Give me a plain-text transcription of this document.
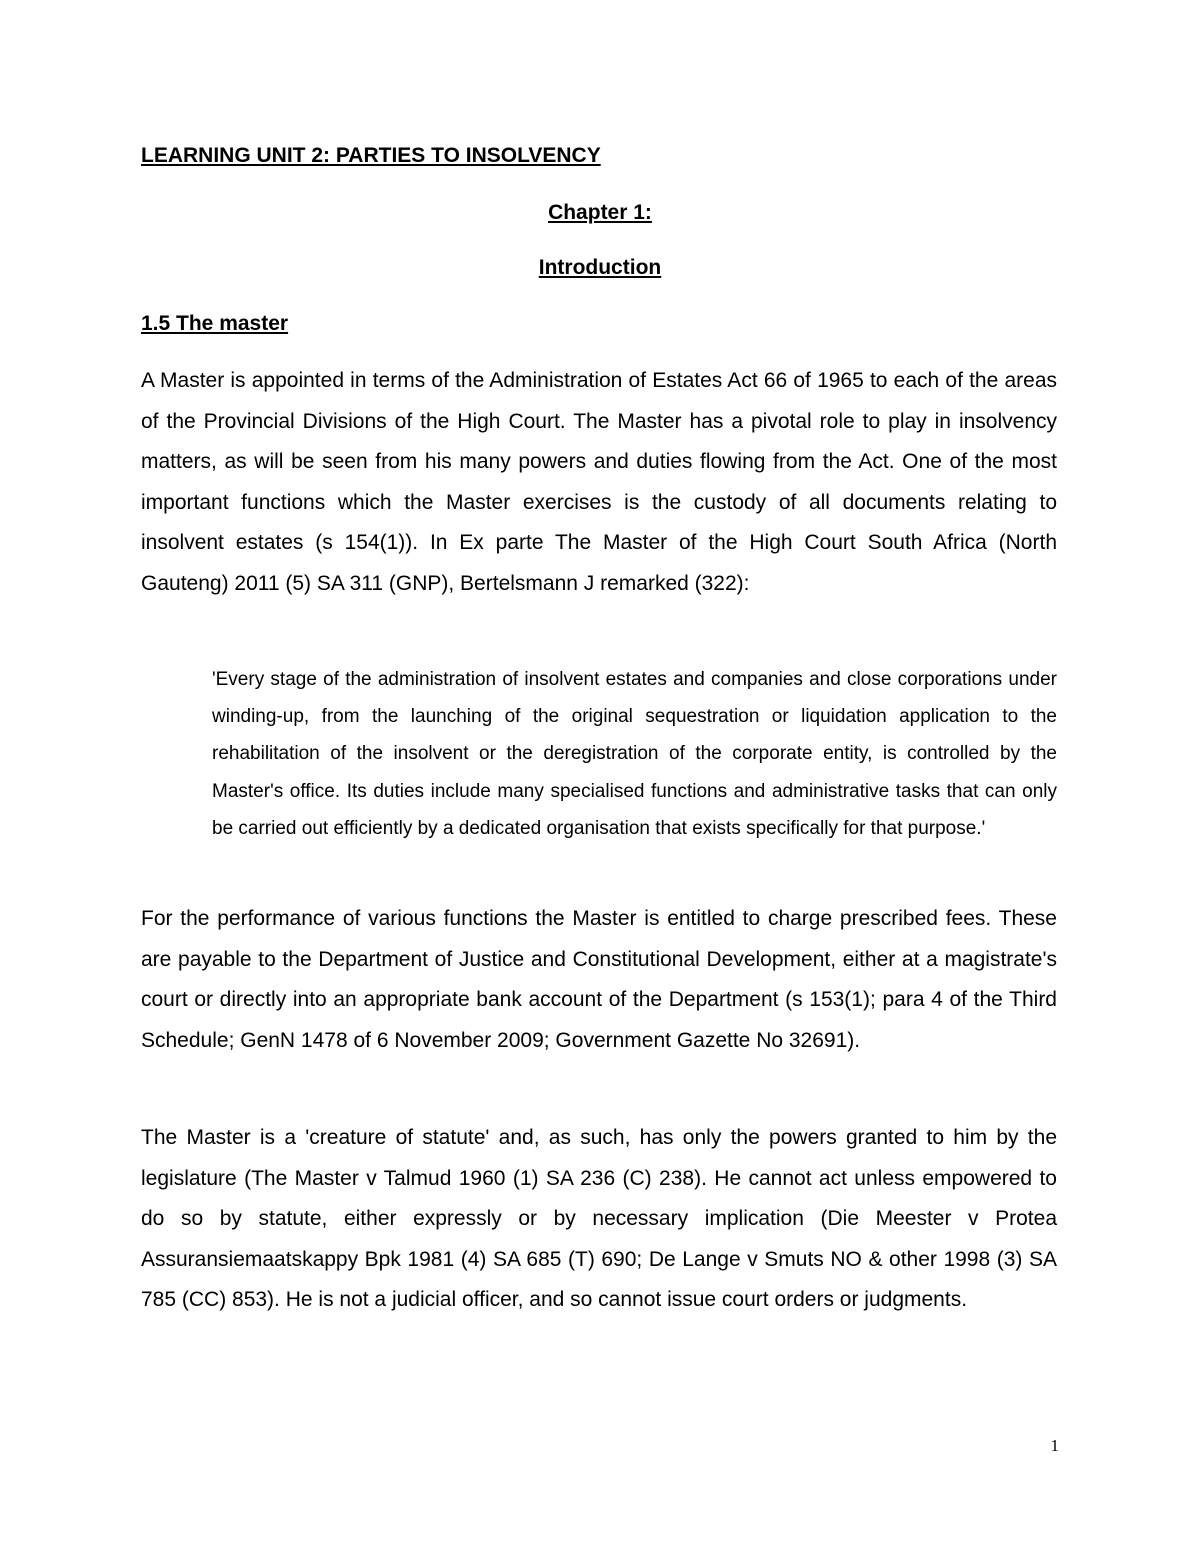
LEARNING UNIT 2: PARTIES TO INSOLVENCY
Chapter 1:
Introduction
1.5 The master

A Master is appointed in terms of the Administration of Estates Act 66 of 1965 to each of the areas of the Provincial Divisions of the High Court. The Master has a pivotal role to play in insolvency matters, as will be seen from his many powers and duties flowing from the Act. One of the most important functions which the Master exercises is the custody of all documents relating to insolvent estates (s 154(1)). In Ex parte The Master of the High Court South Africa (North Gauteng) 2011 (5) SA 311 (GNP), Bertelsmann J remarked (322):

'Every stage of the administration of insolvent estates and companies and close corporations under winding-up, from the launching of the original sequestration or liquidation application to the rehabilitation of the insolvent or the deregistration of the corporate entity, is controlled by the Master's office. Its duties include many specialised functions and administrative tasks that can only be carried out efficiently by a dedicated organisation that exists specifically for that purpose.'

For the performance of various functions the Master is entitled to charge prescribed fees. These are payable to the Department of Justice and Constitutional Development, either at a magistrate's court or directly into an appropriate bank account of the Department (s 153(1); para 4 of the Third Schedule; GenN 1478 of 6 November 2009; Government Gazette No 32691).

The Master is a 'creature of statute' and, as such, has only the powers granted to him by the legislature (The Master v Talmud 1960 (1) SA 236 (C) 238). He cannot act unless empowered to do so by statute, either expressly or by necessary implication (Die Meester v Protea Assuransiemaatskappy Bpk 1981 (4) SA 685 (T) 690; De Lange v Smuts NO & other 1998 (3) SA 785 (CC) 853). He is not a judicial officer, and so cannot issue court orders or judgments.

1
